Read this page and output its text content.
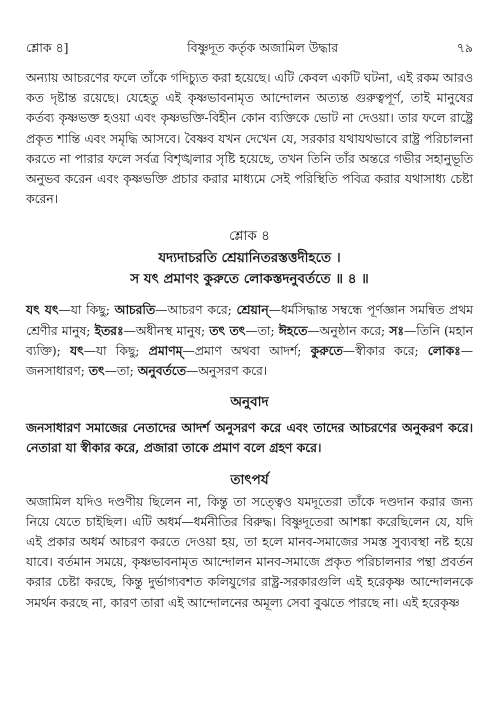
শ্লোক ৪]	বিষ্ণুদূত কর্তৃক অজামিল উদ্ধার	৭৯

অন্যায় আচরণের ফলে তাঁকে গদিচ্যুত করা হয়েছে। এটি কেবল একটি ঘটনা, এই রকম আরও কত দৃষ্টান্ত রয়েছে। যেহেতু এই কৃষ্ণভাবনামৃত আন্দোলন অত্যন্ত গুরুত্বপূর্ণ, তাই মানুষের কর্তব্য কৃষ্ণভক্ত হওয়া এবং কৃষ্ণভক্তি-বিহীন কোন ব্যক্তিকে ভোট না দেওয়া। তার ফলে রাষ্ট্রে প্রকৃত শান্তি এবং সমৃদ্ধি আসবে। বৈষ্ণব যখন দেখেন যে, সরকার যথাযথভাবে রাষ্ট্র পরিচালনা করতে না পারার ফলে সর্বত্র বিশৃঙ্খলার সৃষ্টি হয়েছে, তখন তিনি তাঁর অন্তরে গভীর সহানুভূতি অনুভব করেন এবং কৃষ্ণভক্তি প্রচার করার মাধ্যমে সেই পরিস্থিতি পবিত্র করার যথাসাধ্য চেষ্টা করেন।

শ্লোক ৪
যদ্যদাচরতি শ্রেয়ানিতরস্তত্তদীহতে ।
স যৎ প্রমাণং কুরুতে লোকস্তদনুবর্ততে ॥ ৪ ॥

যৎ যৎ—যা কিছু; আচরতি—আচরণ করে; শ্রেয়ান্—ধর্মসিদ্ধান্ত সম্বন্ধে পূর্ণজ্ঞান সমন্বিত প্রথম শ্রেণীর মানুষ; ইতরঃ—অধীনস্থ মানুষ; তৎ তৎ—তা; ঈহতে—অনুষ্ঠান করে; সঃ—তিনি (মহান ব্যক্তি); যৎ—যা কিছু; প্রমাণম্—প্রমাণ অথবা আদর্শ; কুরুতে—স্বীকার করে; লোকঃ—জনসাধারণ; তৎ—তা; অনুবর্ততে—অনুসরণ করে।

অনুবাদ

জনসাধারণ সমাজের নেতাদের আদর্শ অনুসরণ করে এবং তাদের আচরণের অনুকরণ করে। নেতারা যা স্বীকার করে, প্রজারা তাকে প্রমাণ বলে গ্রহণ করে।

তাৎপর্য

অজামিল যদিও দণ্ডণীয় ছিলেন না, কিন্তু তা সত্ত্বেও যমদূতেরা তাঁকে দণ্ডদান করার জন্য নিয়ে যেতে চাইছিল। এটি অধর্ম—ধর্মনীতির বিরুদ্ধ। বিষ্ণুদূতেরা আশঙ্কা করেছিলেন যে, যদি এই প্রকার অধর্ম আচরণ করতে দেওয়া হয়, তা হলে মানব-সমাজের সমস্ত সুব্যবস্থা নষ্ট হয়ে যাবে। বর্তমান সময়ে, কৃষ্ণভাবনামৃত আন্দোলন মানব-সমাজে প্রকৃত পরিচালনার পন্থা প্রবর্তন করার চেষ্টা করছে, কিন্তু দুর্ভাগ্যবশত কলিযুগের রাষ্ট্র-সরকারগুলি এই হরেকৃষ্ণ আন্দোলনকে সমর্থন করছে না, কারণ তারা এই আন্দোলনের অমূল্য সেবা বুঝতে পারছে না। এই হরেকৃষ্ণ
